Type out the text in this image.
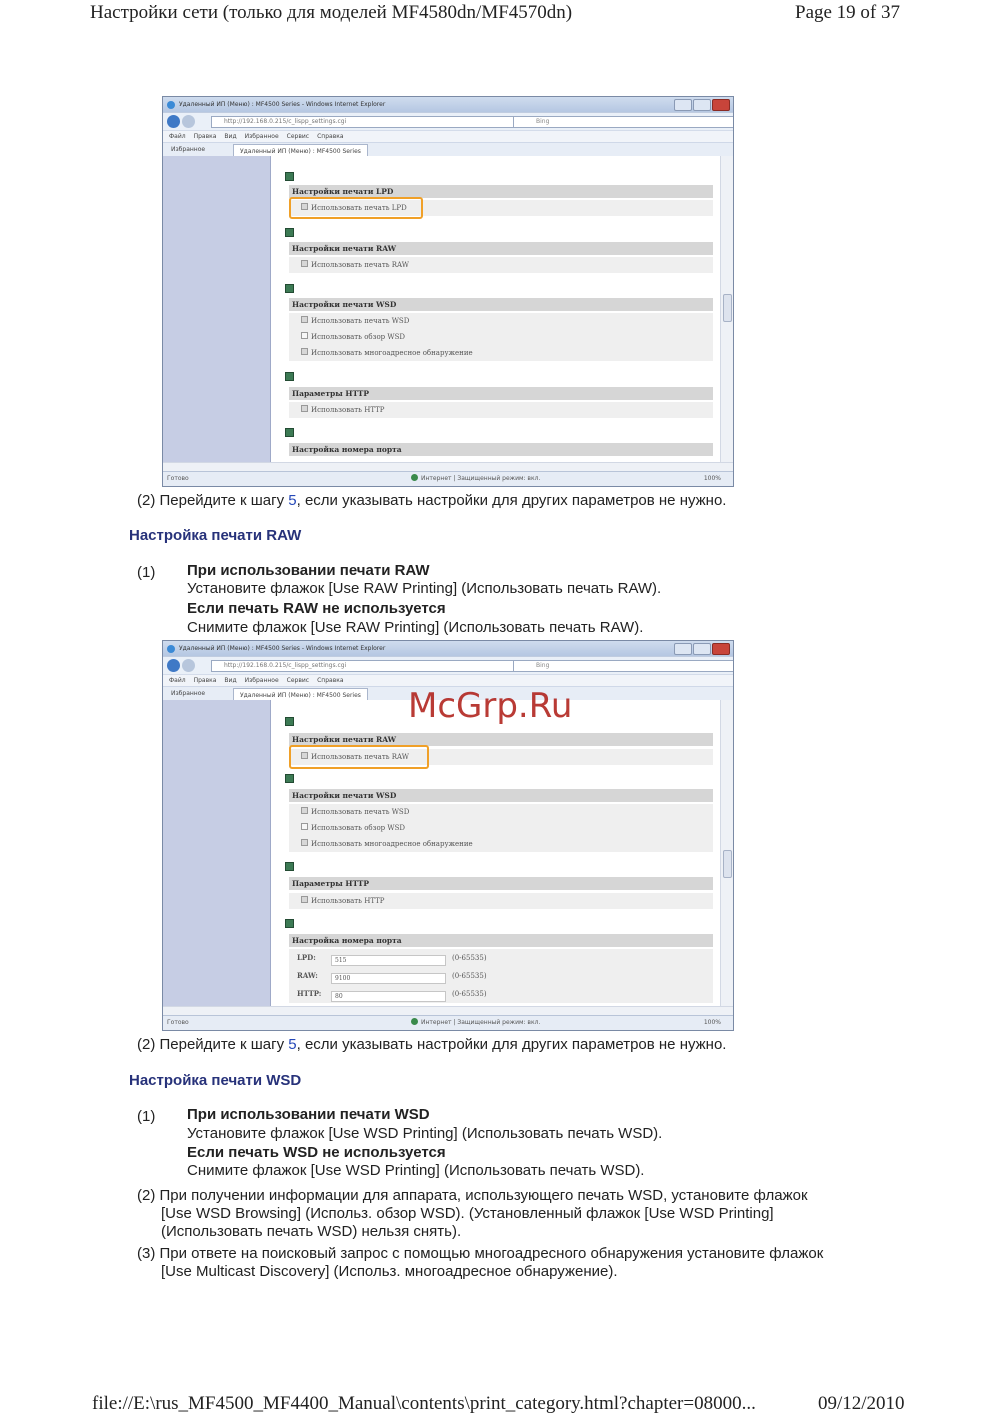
Настройки сети (только для моделей MF4580dn/MF4570dn)	Page 19 of 37
Удаленный ИП (Меню) : MF4500 Series - Windows Internet Explorer
http://192.168.0.215/c_lispp_settings.cgi	Bing
Файл Правка Вид Избранное Сервис Справка
Избранное	Удаленный ИП (Меню) : MF4500 Series
Настройки печати LPD
Использовать печать LPD
Настройки печати RAW
Использовать печать RAW
Настройки печати WSD
Использовать печать WSD
Использовать обзор WSD
Использовать многоадресное обнаружение
Параметры HTTP
Использовать HTTP
Настройка номера порта
Готово	Интернет | Защищенный режим: вкл.	100%
(2) Перейдите к шагу 5, если указывать настройки для других параметров не нужно.
Настройка печати RAW
(1) При использовании печати RAW
Установите флажок [Use RAW Printing] (Использовать печать RAW).
Если печать RAW не используется
Снимите флажок [Use RAW Printing] (Использовать печать RAW).
Удаленный ИП (Меню) : MF4500 Series - Windows Internet Explorer
http://192.168.0.215/c_lispp_settings.cgi	Bing
Файл Правка Вид Избранное Сервис Справка
Избранное	Удаленный ИП (Меню) : MF4500 Series
Настройки печати RAW
Использовать печать RAW
Настройки печати WSD
Использовать печать WSD
Использовать обзор WSD
Использовать многоадресное обнаружение
Параметры HTTP
Использовать HTTP
Настройка номера порта
LPD:	515	(0-65535)
RAW:	9100	(0-65535)
HTTP: 80	(0-65535)
Готово	Интернет | Защищенный режим: вкл.	100%
McGrp.Ru
(2) Перейдите к шагу 5, если указывать настройки для других параметров не нужно.
Настройка печати WSD
(1) При использовании печати WSD
Установите флажок [Use WSD Printing] (Использовать печать WSD).
Если печать WSD не используется
Снимите флажок [Use WSD Printing] (Использовать печать WSD).
(2) При получении информации для аппарата, использующего печать WSD, установите флажок
[Use WSD Browsing] (Использ. обзор WSD). (Установленный флажок [Use WSD Printing]
(Использовать печать WSD) нельзя снять).
(3) При ответе на поисковый запрос с помощью многоадресного обнаружения установите флажок
[Use Multicast Discovery] (Использ. многоадресное обнаружение).
file://E:\rus_MF4500_MF4400_Manual\contents\print_category.html?chapter=08000...	09/12/2010
